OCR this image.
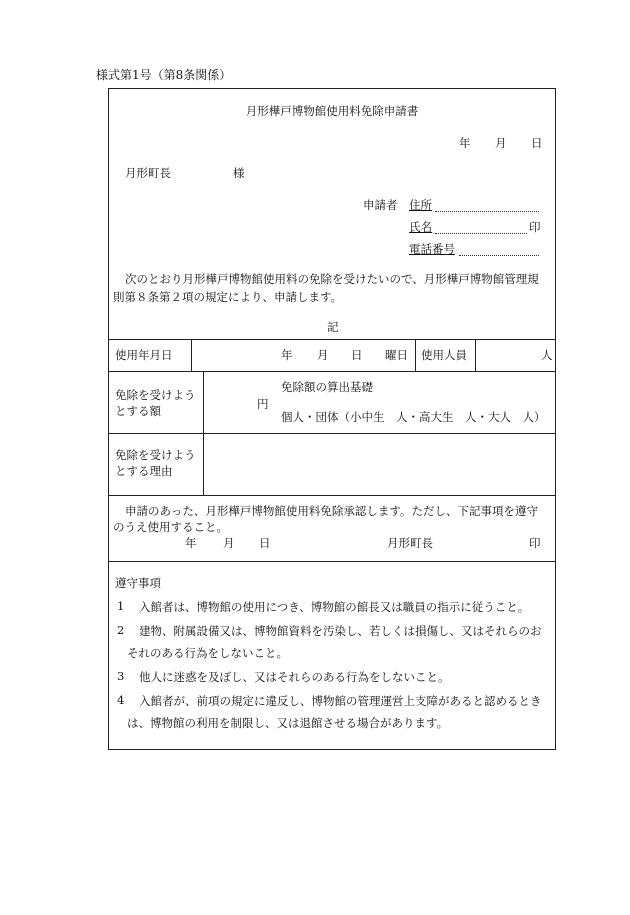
様式第1号（第8条関係）
月形樺戸博物館使用料免除申請書
年 月 日
月形町長	様
申請者 住所
氏名	印
電話番号
次のとおり月形樺戸博物館使用料の免除を受けたいので、月形樺戸博物館管理規
則第８条第２項の規定により、申請します。
記
使用年月日	年 月 日 曜日 使用人員	人
免除を受けよう
とする額	円
免除額の算出基礎
個人・団体（小中生　人・高大生　人・大人　人）
免除を受けよう
とする理由
申請のあった、月形樺戸博物館使用料免除承認します。ただし、下記事項を遵守
のうえ使用すること。
年 月 日	月形町長	印
遵守事項
1 入館者は、博物館の使用につき、博物館の館長又は職員の指示に従うこと。
2 建物、附属設備又は、博物館資料を汚染し、若しくは損傷し、又はそれらのお
それのある行為をしないこと。
3 他人に迷惑を及ぼし、又はそれらのある行為をしないこと。
4 入館者が、前項の規定に違反し、博物館の管理運営上支障があると認めるとき
は、博物館の利用を制限し、又は退館させる場合があります。
